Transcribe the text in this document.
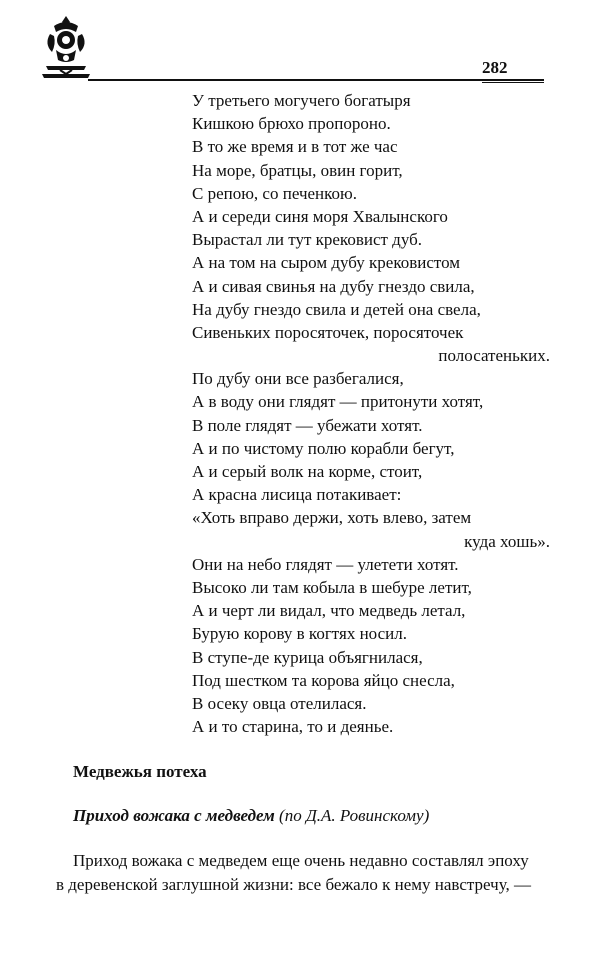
282
У третьего могучего богатыря
Кишкою брюхо пропороно.
В то же время и в тот же час
На море, братцы, овин горит,
С репою, со печенкою.
А и середи синя моря Хвалынского
Вырастал ли тут крековист дуб.
А на том на сыром дубу крековистом
А и сивая свинья на дубу гнездо свила,
На дубу гнездо свила и детей она свела,
Сивеньких поросяточек, поросяточек
полосатеньких.
По дубу они все разбегалися,
А в воду они глядят — притонути хотят,
В поле глядят — убежати хотят.
А и по чистому полю корабли бегут,
А и серый волк на корме, стоит,
А красна лисица потакивает:
«Хоть вправо держи, хоть влево, затем
куда хошь».
Они на небо глядят — улетети хотят.
Высоко ли там кобыла в шебуре летит,
А и черт ли видал, что медведь летал,
Бурую корову в когтях носил.
В ступе-де курица объягнилася,
Под шестком та корова яйцо снесла,
В осеку овца отелилася.
А и то старина, то и деянье.
Медвежья потеха
Приход вожака с медведем (по Д.А. Ровинскому)
Приход вожака с медведем еще очень недавно составлял эпоху
в деревенской заглушной жизни: все бежало к нему навстречу, —
